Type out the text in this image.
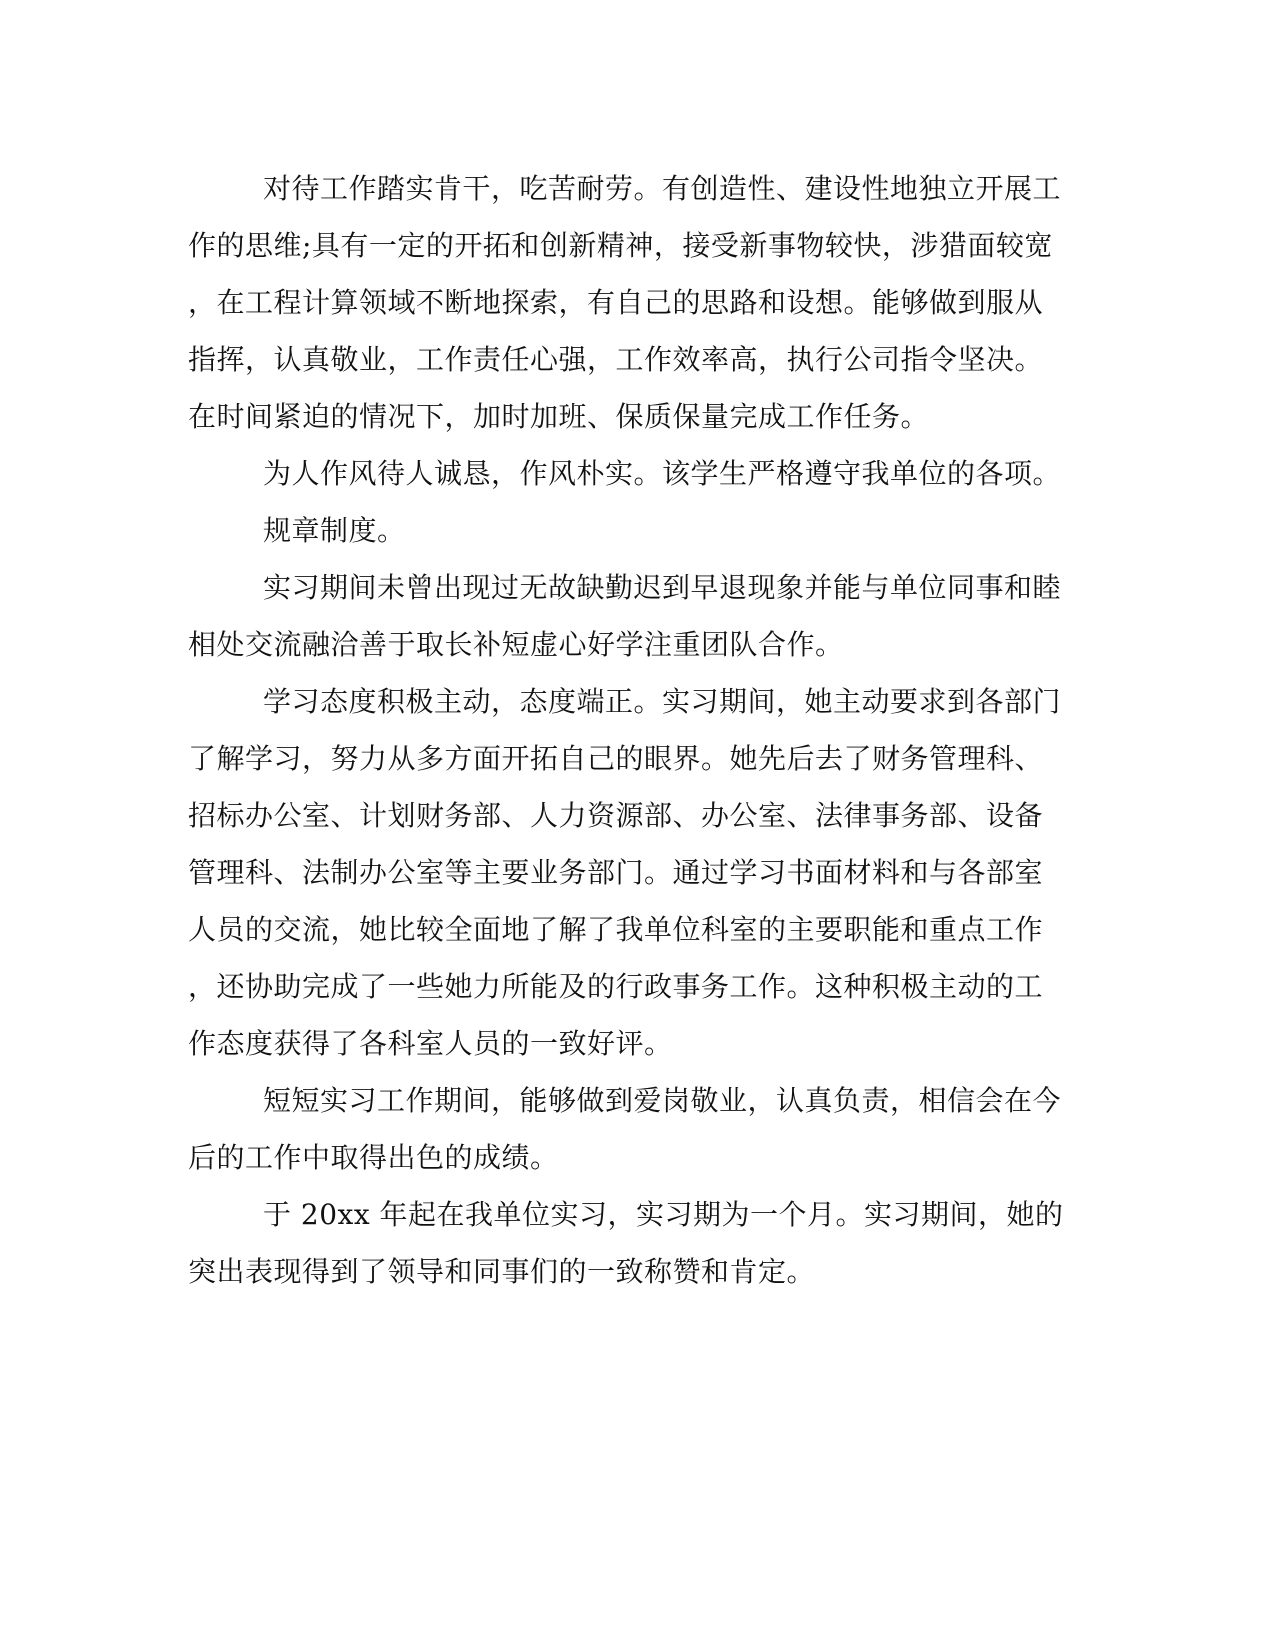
对待工作踏实肯干，吃苦耐劳。有创造性、建设性地独立开展工
作的思维;具有一定的开拓和创新精神，接受新事物较快，涉猎面较宽
，在工程计算领域不断地探索，有自己的思路和设想。能够做到服从
指挥，认真敬业，工作责任心强，工作效率高，执行公司指令坚决。
在时间紧迫的情况下，加时加班、保质保量完成工作任务。
为人作风待人诚恳，作风朴实。该学生严格遵守我单位的各项。
规章制度。
实习期间未曾出现过无故缺勤迟到早退现象并能与单位同事和睦
相处交流融洽善于取长补短虚心好学注重团队合作。
学习态度积极主动，态度端正。实习期间，她主动要求到各部门
了解学习，努力从多方面开拓自己的眼界。她先后去了财务管理科、
招标办公室、计划财务部、人力资源部、办公室、法律事务部、设备
管理科、法制办公室等主要业务部门。通过学习书面材料和与各部室
人员的交流，她比较全面地了解了我单位科室的主要职能和重点工作
，还协助完成了一些她力所能及的行政事务工作。这种积极主动的工
作态度获得了各科室人员的一致好评。
短短实习工作期间，能够做到爱岗敬业，认真负责，相信会在今
后的工作中取得出色的成绩。
于 20xx 年起在我单位实习，实习期为一个月。实习期间，她的
突出表现得到了领导和同事们的一致称赞和肯定。
